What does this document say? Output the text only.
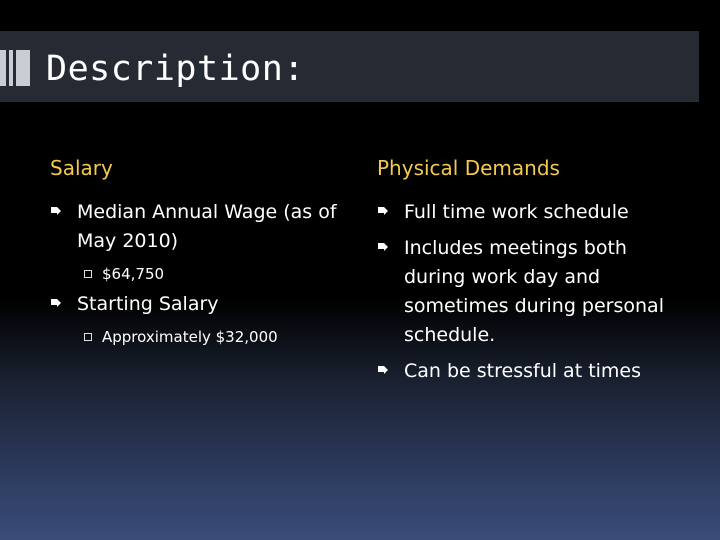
Description:
Salary
Median Annual Wage (as of May 2010)
$64,750
Starting Salary
Approximately $32,000
Physical Demands
Full time work schedule
Includes meetings both during work day and sometimes during personal schedule.
Can be stressful at times
